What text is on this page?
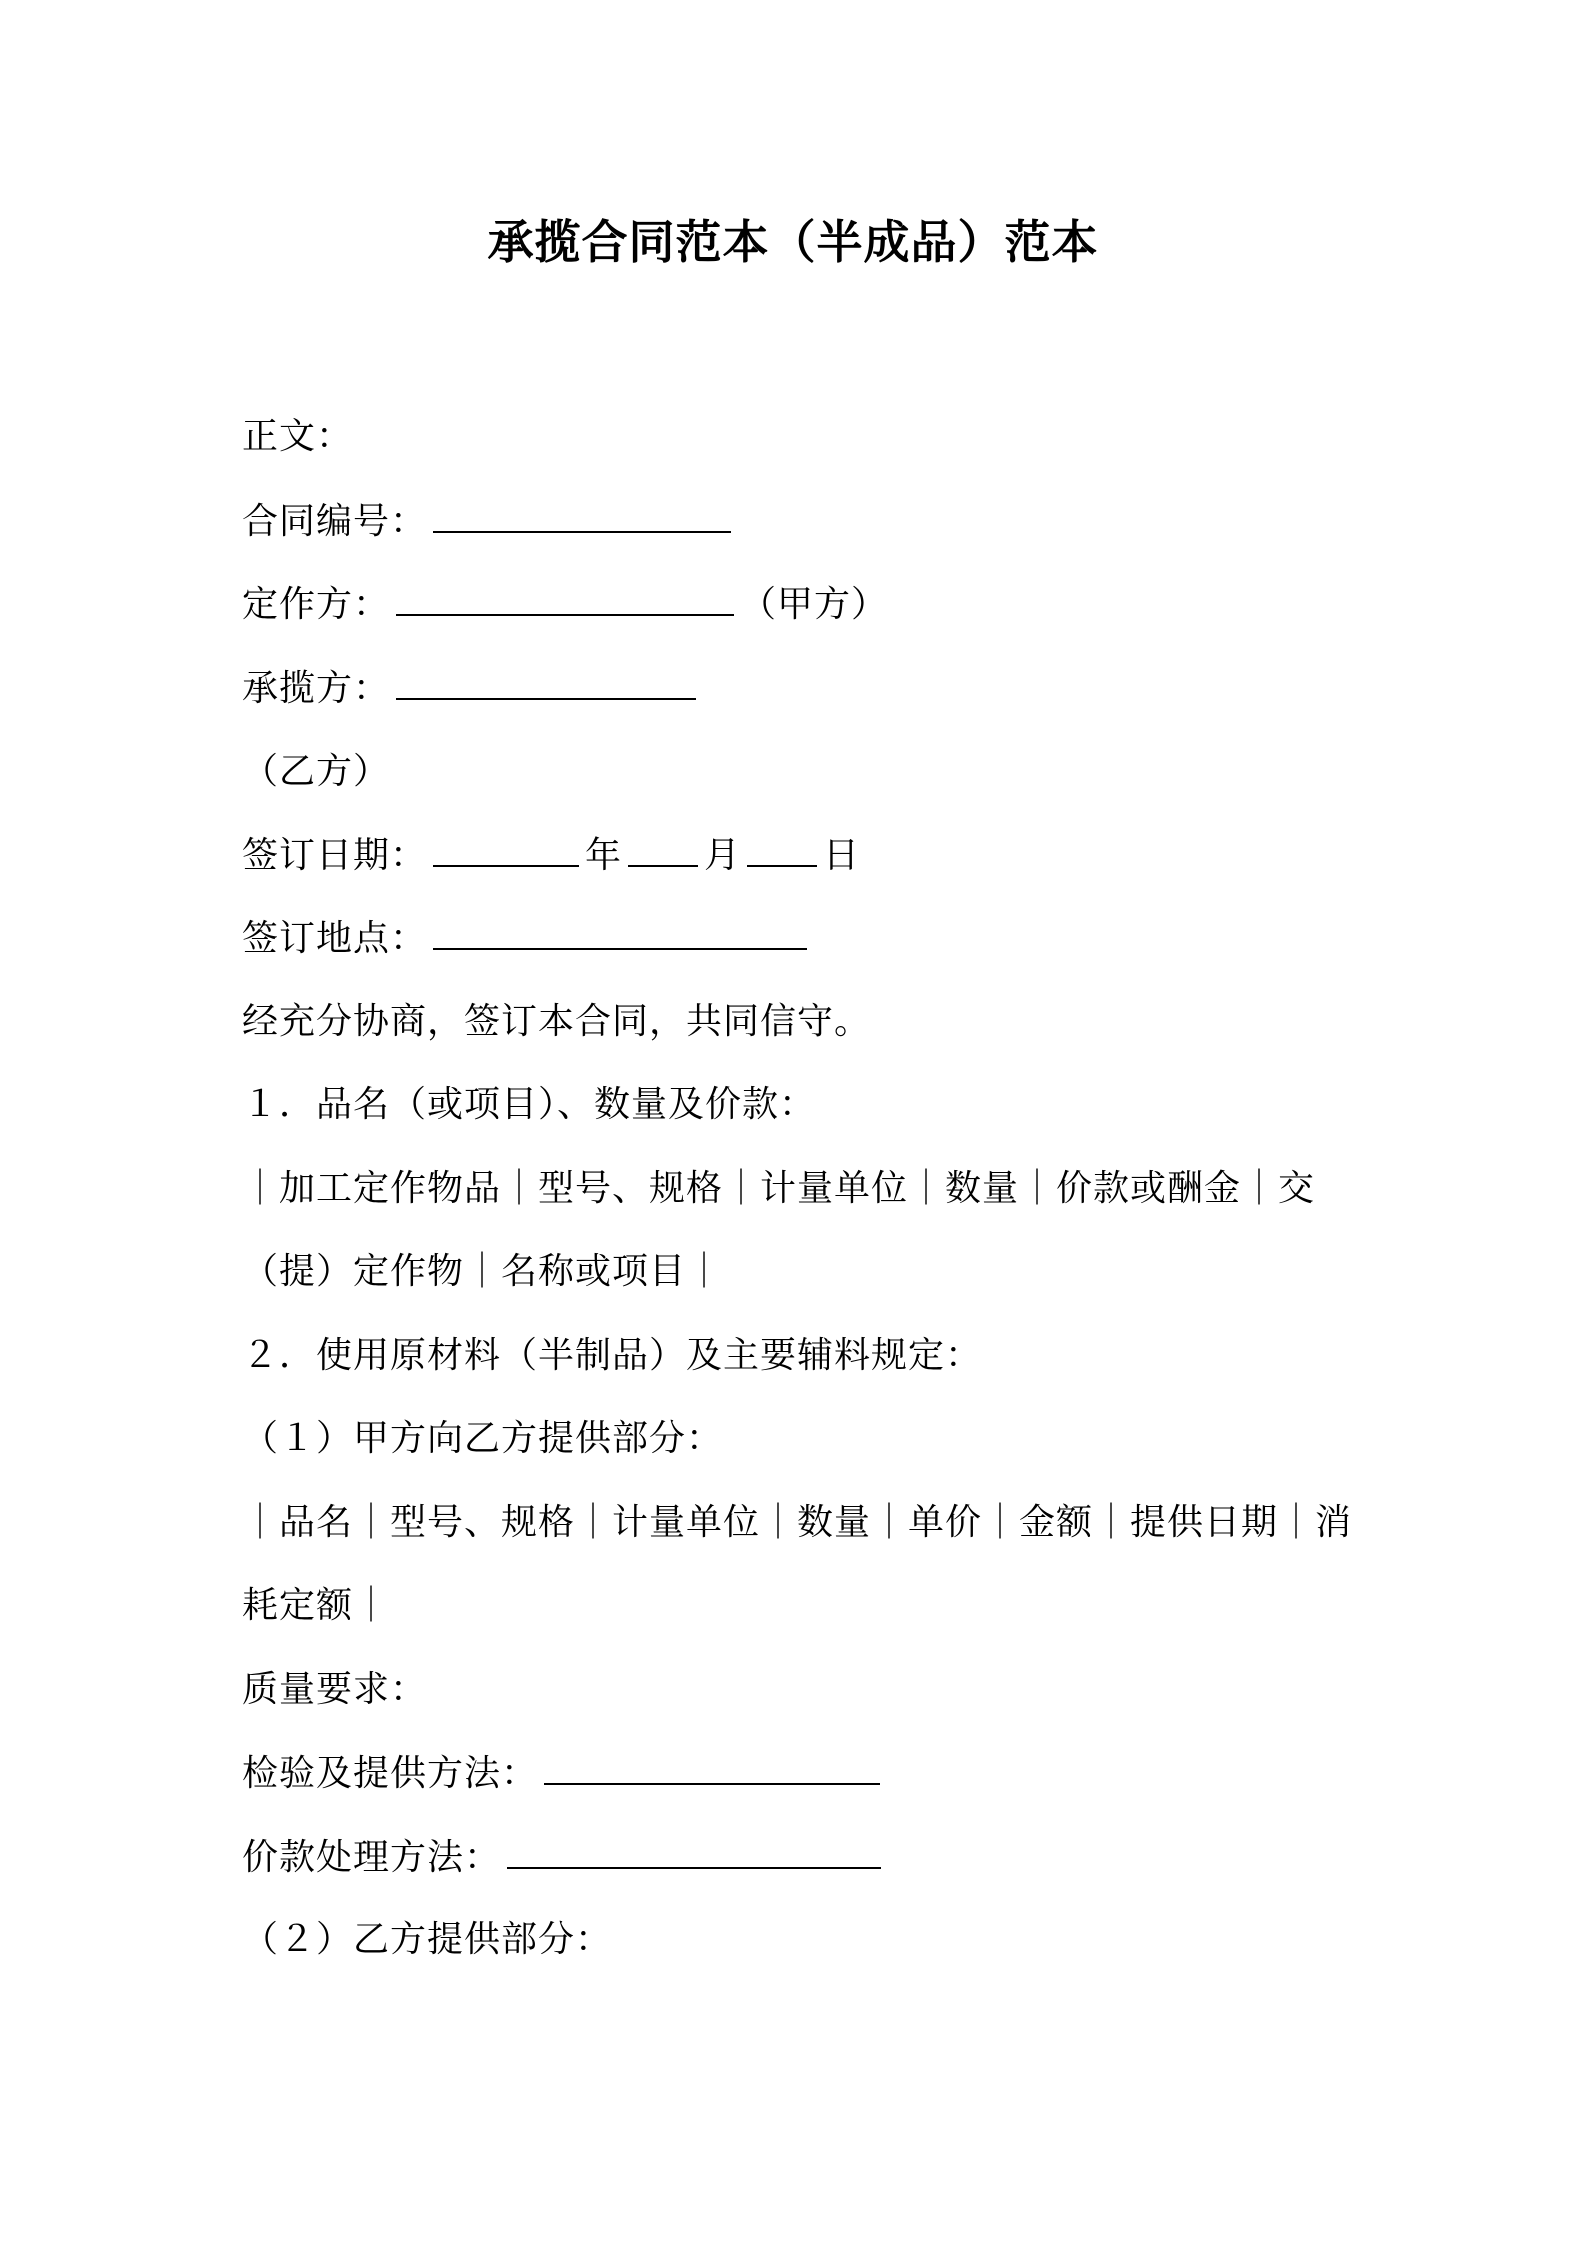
承揽合同范本（半成品）范本
正文：
合同编号：
定作方：	（甲方）
承揽方：
（乙方）
签订日期：	年 月 日
签订地点：
经充分协商，签订本合同，共同信守。
１．品名（或项目）、数量及价款：
｜加工定作物品｜型号、规格｜计量单位｜数量｜价款或酬金｜交
（提）定作物｜名称或项目｜
２．使用原材料（半制品）及主要辅料规定：
（１）甲方向乙方提供部分：
｜品名｜型号、规格｜计量单位｜数量｜单价｜金额｜提供日期｜消
耗定额｜
质量要求：
检验及提供方法：
价款处理方法：
（２）乙方提供部分：
